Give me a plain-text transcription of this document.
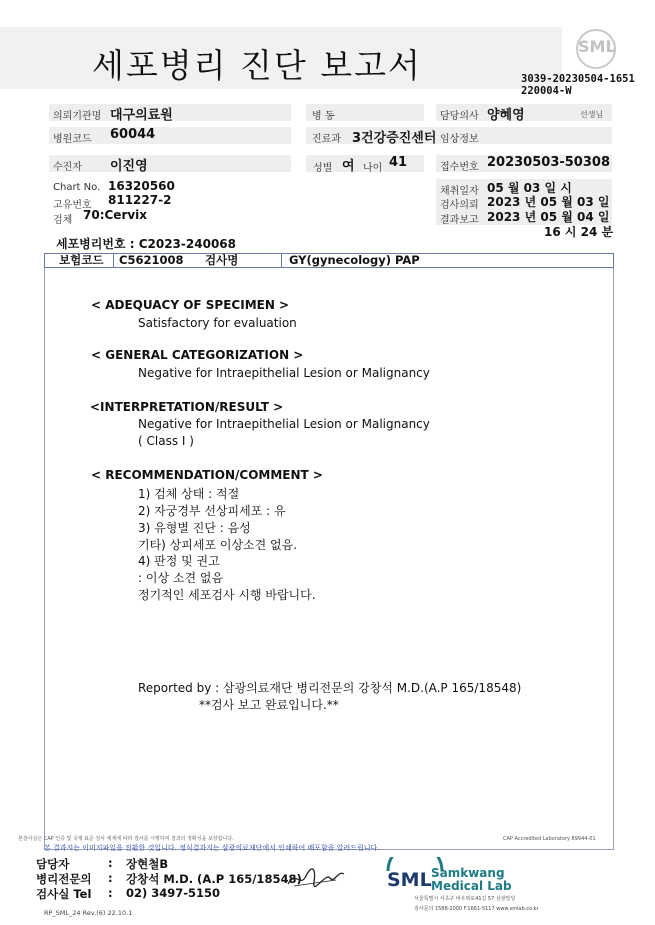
세포병리 진단 보고서	SML
3039-20230504-1651
220004-W
의뢰기관명 대구의료원	병 동	담당의사 양혜영	선생님
병원코드 60044	진료과 3건강증진센터 임상정보
수진자 이진영	성별 여 나이 41	접수번호 20230503-50308
Chart No. 16320560
고유번호 811227-2
검체 70:Cervix
채취일자 05 월 03 일 시
검사의뢰 2023 년 05 월 03 일
결과보고 2023 년 05 월 04 일
16 시 24 분
세포병리번호 : C2023-240068
보험코드 C5621008 검사명	GY(gynecology) PAP
< ADEQUACY OF SPECIMEN >
Satisfactory for evaluation
< GENERAL CATEGORIZATION >
Negative for Intraepithelial Lesion or Malignancy
<INTERPRETATION/RESULT >
Negative for Intraepithelial Lesion or Malignancy
( Class I )
< RECOMMENDATION/COMMENT >
1) 검체 상태 : 적절
2) 자궁경부 선상피세포 : 유
3) 유형별 진단 : 음성
기타) 상피세포 이상소견 없음.
4) 판정 및 권고
: 이상 소견 없음
정기적인 세포검사 시행 바랍니다.
Reported by : 삼광의료재단 병리전문의 강창석 M.D.(A.P 165/18548)
**검사 보고 완료입니다.**
본검사실은 CAP 인증 및 국제 표준 검사 체계에 따라 검사를 시행하며 결과의 정확성을 보장합니다.	CAP Accredited Laboratory 89944-01
본 결과지는 이미지파일을 전환한 것입니다. 정식결과지는 삼광의료재단에서 인쇄하여 배포함을 알려드립니다.
담당자	: 장현철B
병리전문의 : 강창석 M.D. (A.P 165/18548)
검사실 Tel : 02) 3497-5150
RP_SML_24 Rev.(6) 22.10.1
SML Samkwang
Medical Lab
서울특별시 서초구 바우뫼로41길 57 삼광빌딩
검사문의 1588-2000 F.1661-5117 www.smlab.co.kr
